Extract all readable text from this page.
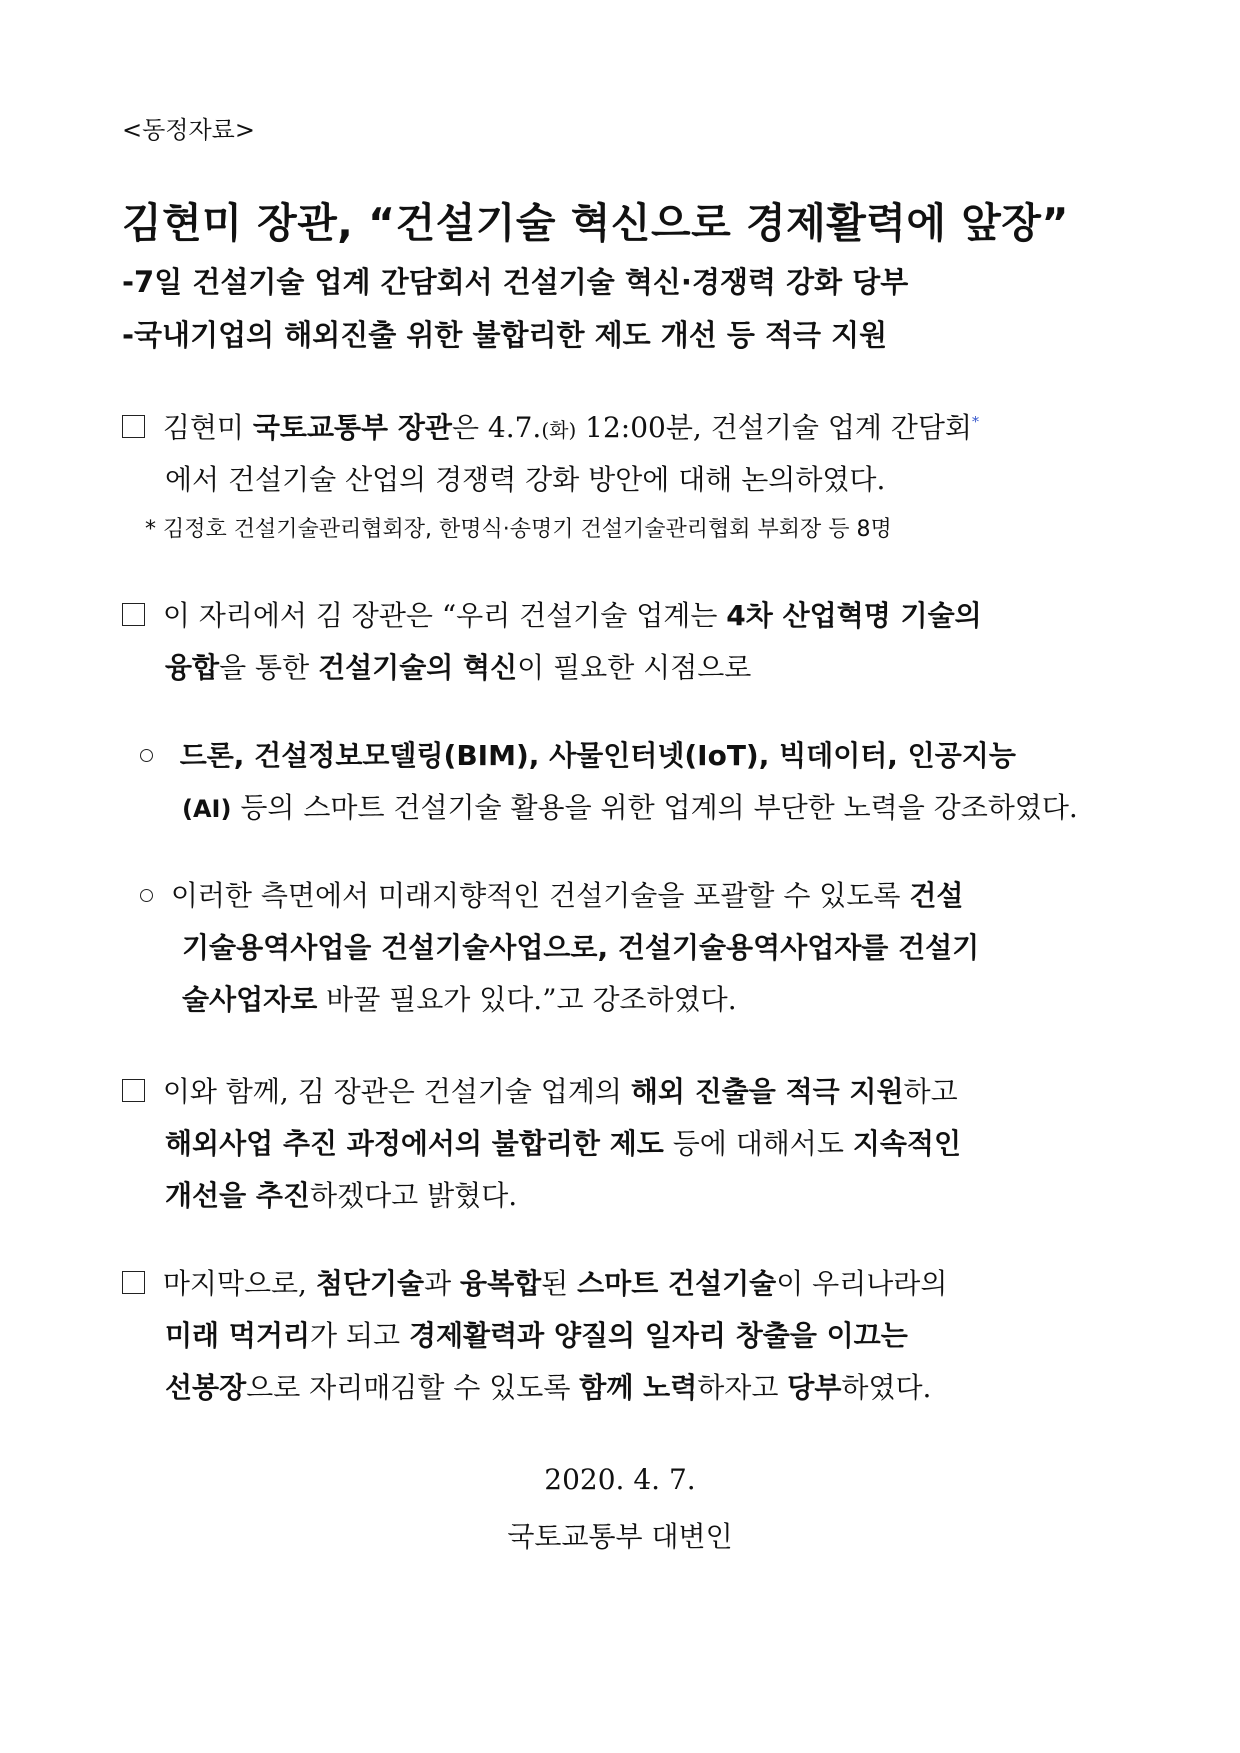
<동정자료>
김현미 장관, “건설기술 혁신으로 경제활력에 앞장”
-7일 건설기술 업계 간담회서 건설기술 혁신·경쟁력 강화 당부
-국내기업의 해외진출 위한 불합리한 제도 개선 등 적극 지원
김현미 국토교통부 장관은 4.7.(화) 12:00분, 건설기술 업계 간담회*
에서 건설기술 산업의 경쟁력 강화 방안에 대해 논의하였다.
* 김정호 건설기술관리협회장, 한명식·송명기 건설기술관리협회 부회장 등 8명
이 자리에서 김 장관은 “우리 건설기술 업계는 4차 산업혁명 기술의
융합을 통한 건설기술의 혁신이 필요한 시점으로
드론, 건설정보모델링(BIM), 사물인터넷(IoT), 빅데이터, 인공지능
(AI) 등의 스마트 건설기술 활용을 위한 업계의 부단한 노력을 강조하였다.
이러한 측면에서 미래지향적인 건설기술을 포괄할 수 있도록 건설
기술용역사업을 건설기술사업으로, 건설기술용역사업자를 건설기
술사업자로 바꿀 필요가 있다.”고 강조하였다.
이와 함께, 김 장관은 건설기술 업계의 해외 진출을 적극 지원하고
해외사업 추진 과정에서의 불합리한 제도 등에 대해서도 지속적인
개선을 추진하겠다고 밝혔다.
마지막으로, 첨단기술과 융복합된 스마트 건설기술이 우리나라의
미래 먹거리가 되고 경제활력과 양질의 일자리 창출을 이끄는
선봉장으로 자리매김할 수 있도록 함께 노력하자고 당부하였다.
2020. 4. 7.
국토교통부 대변인
